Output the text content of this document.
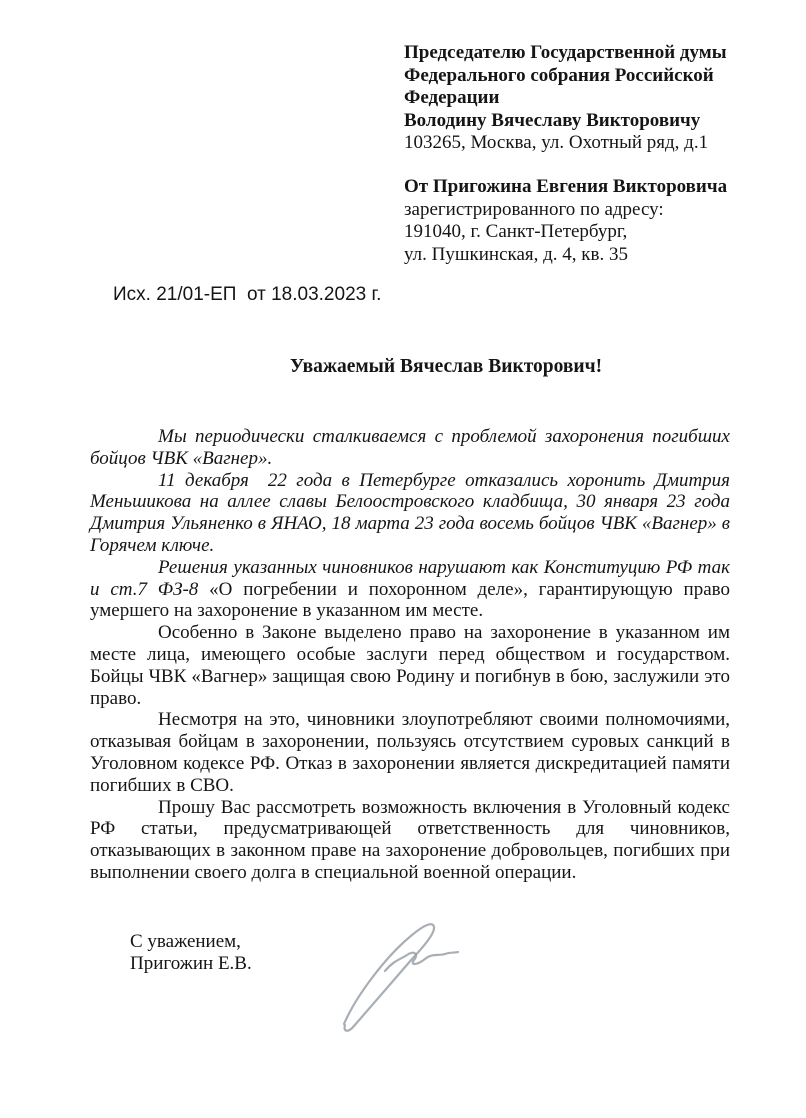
Председателю Государственной думы
Федерального собрания Российской
Федерации
Володину Вячеславу Викторовичу
103265, Москва, ул. Охотный ряд, д.1
От Пригожина Евгения Викторовича
зарегистрированного по адресу:
191040, г. Санкт-Петербург,
ул. Пушкинская, д. 4, кв. 35
Исх. 21/01-ЕП  от 18.03.2023 г.
Уважаемый Вячеслав Викторович!

Мы периодически сталкиваемся с проблемой захоронения погибших бойцов ЧВК «Вагнер».

11 декабря  22 года в Петербурге отказались хоронить Дмитрия Меньшикова на аллее славы Белоостровского кладбища, 30 января 23 года Дмитрия Ульяненко в ЯНАО, 18 марта 23 года восемь бойцов ЧВК «Вагнер» в Горячем ключе.

Решения указанных чиновников нарушают как Конституцию РФ так и ст.7 ФЗ-8 «О погребении и похоронном деле», гарантирующую право умершего на захоронение в указанном им месте.

Особенно в Законе выделено право на захоронение в указанном им месте лица, имеющего особые заслуги перед обществом и государством. Бойцы ЧВК «Вагнер» защищая свою Родину и погибнув в бою, заслужили это право.

Несмотря на это, чиновники злоупотребляют своими полномочиями, отказывая бойцам в захоронении, пользуясь отсутствием суровых санкций в Уголовном кодексе РФ. Отказ в захоронении является дискредитацией памяти погибших в СВО.

Прошу Вас рассмотреть возможность включения в Уголовный кодекс РФ статьи, предусматривающей ответственность для чиновников, отказывающих в законном праве на захоронение добровольцев, погибших при выполнении своего долга в специальной военной операции.

С уважением,
Пригожин Е.В.
